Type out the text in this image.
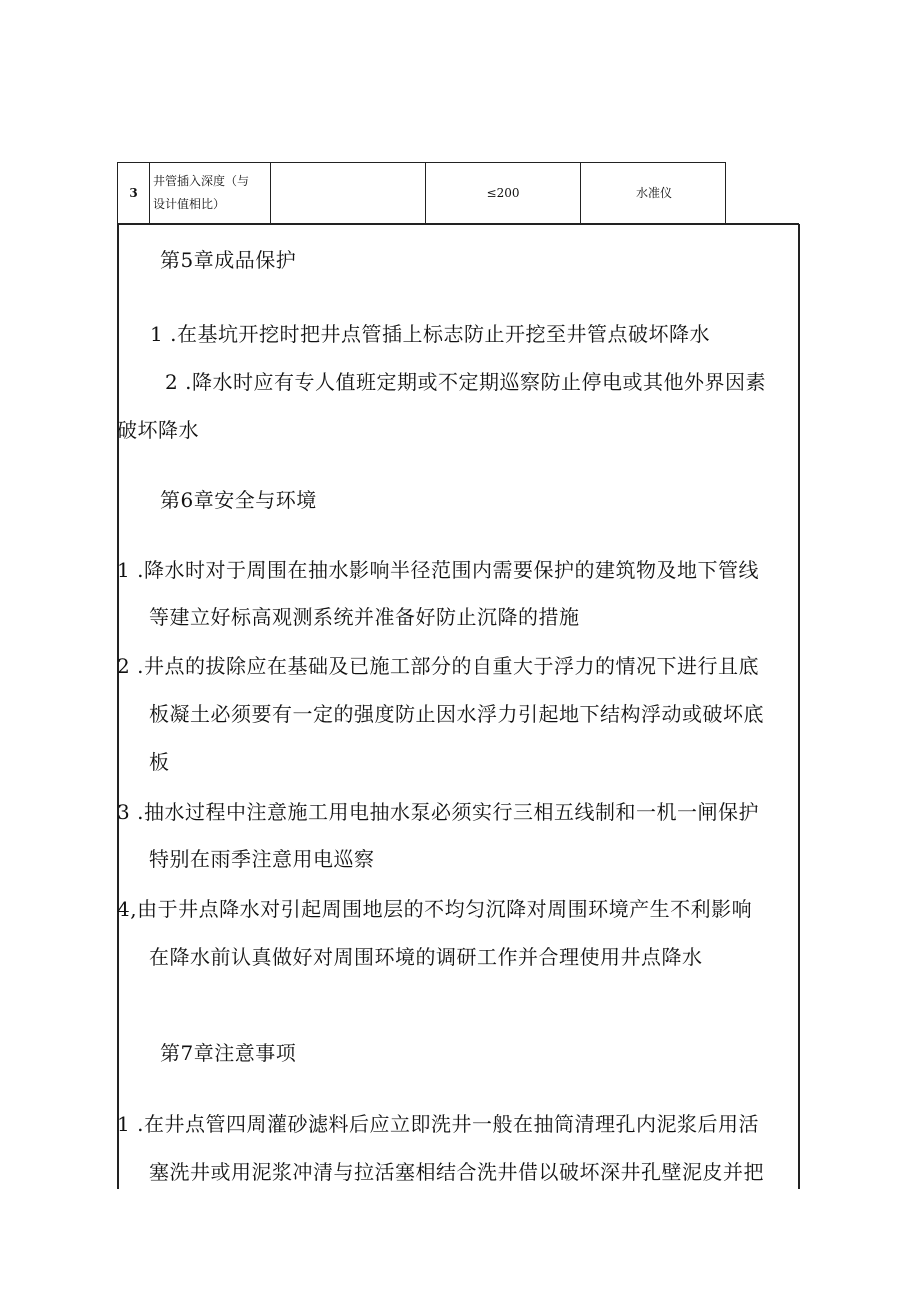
3
井管插入深度（与
设计值相比）
≤200	水准仪
第5章成品保护
1 .在基坑开挖时把井点管插上标志防止开挖至井管点破坏降水
2 .降水时应有专人值班定期或不定期巡察防止停电或其他外界因素
破坏降水
第6章安全与环境
1 .降水时对于周围在抽水影响半径范围内需要保护的建筑物及地下管线
等建立好标高观测系统并准备好防止沉降的措施
2 .井点的拔除应在基础及已施工部分的自重大于浮力的情况下进行且底
板凝土必须要有一定的强度防止因水浮力引起地下结构浮动或破坏底
板
3 .抽水过程中注意施工用电抽水泵必须实行三相五线制和一机一闸保护
特别在雨季注意用电巡察
4,由于井点降水对引起周围地层的不均匀沉降对周围环境产生不利影响
在降水前认真做好对周围环境的调研工作并合理使用井点降水
第7章注意事项
1 .在井点管四周灌砂滤料后应立即洗井一般在抽筒清理孔内泥浆后用活
塞洗井或用泥浆冲清与拉活塞相结合洗井借以破坏深井孔壁泥皮并把
